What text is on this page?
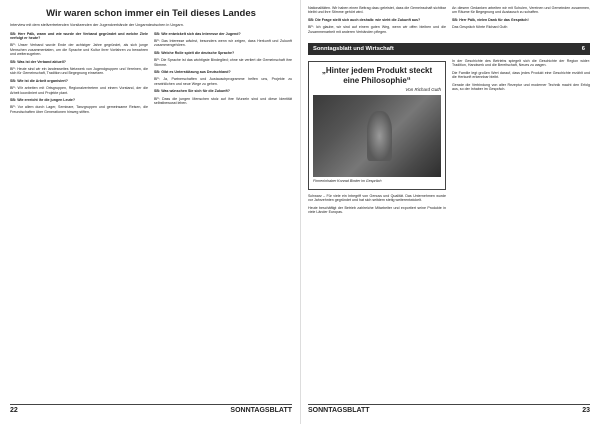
Wir waren schon immer ein Teil dieses Landes

Interview mit dem stellvertretenden Vorsitzenden der Jugendverbände der Ungarndeutschen in Ungarn.

SB: Herr Pálk, wann und wie wurde der Verband gegründet und welche Ziele verfolgt er heute?

BP: Unser Verband wurde Ende der achtziger Jahre gegründet, als sich junge Menschen zusammentaten, um die Sprache und Kultur ihrer Vorfahren zu bewahren und weiterzugeben.

SB: Was ist der Verband aktuell?

BP: Heute sind wir ein landesweites Netzwerk von Jugendgruppen und Vereinen, die sich für Gemeinschaft, Tradition und Begegnung einsetzen.

SB: Wie ist die Arbeit organisiert?

BP: Wir arbeiten mit Ortsgruppen, Regionalvertretern und einem Vorstand, der die Arbeit koordiniert und Projekte plant.

SB: Wie erreicht ihr die jungen Leute?

BP: Vor allem durch Lager, Seminare, Tanzgruppen und gemeinsame Reisen, die Freundschaften über Generationen hinweg stiften.

SB: Wie entwickelt sich das Interesse der Jugend?

BP: Das Interesse wächst, besonders wenn wir zeigen, dass Herkunft und Zukunft zusammengehören.

SB: Welche Rolle spielt die deutsche Sprache?

BP: Die Sprache ist das wichtigste Bindeglied; ohne sie verliert die Gemeinschaft ihre Stimme.

SB: Gibt es Unterstützung aus Deutschland?

BP: Ja, Partnerschaften und Austauschprogramme helfen uns, Projekte zu verwirklichen und neue Wege zu gehen.

SB: Was wünschen Sie sich für die Zukunft?

BP: Dass die jungen Menschen stolz auf ihre Wurzeln sind und diese Identität selbstbewusst leben.

22	SONNTAGSBLATT

Nationalitäten. Wir haben einen Beitrag dazu geleistet, dass die Gemeinschaft sichtbar bleibt und ihre Stimme gehört wird.

SB: Die Frage stellt sich auch deshalb: wie sieht die Zukunft aus?

BP: Ich glaube, wir sind auf einem guten Weg, wenn wir offen bleiben und die Zusammenarbeit mit anderen Verbänden pflegen.

An diesem Gedanken arbeiten wir mit Schulen, Vereinen und Gemeinden zusammen, um Räume für Begegnung und Austausch zu schaffen.

SB: Herr Pálk, vielen Dank für das Gespräch!

Das Gespräch führte Richard Guth

Sonntagsblatt und Wirtschaft	6
„Hinter jedem Produkt steckt eine Philosophie“
Von Richard Guth
Firmeninhaber Konrad Binder im Gespräch

Schwarz – Für viele ein Inbegriff von Genuss und Qualität. Das Unternehmen wurde vor Jahrzehnten gegründet und hat sich seitdem stetig weiterentwickelt.

Heute beschäftigt der Betrieb zahlreiche Mitarbeiter und exportiert seine Produkte in viele Länder Europas.

In der Geschichte des Betriebs spiegelt sich die Geschichte der Region wider: Tradition, Handwerk und die Bereitschaft, Neues zu wagen.

Die Familie legt großen Wert darauf, dass jedes Produkt eine Geschichte erzählt und die Herkunft erkennbar bleibt.

Gerade die Verbindung von alter Rezeptur und moderner Technik macht den Erfolg aus, so der Inhaber im Gespräch.

SONNTAGSBLATT	23
